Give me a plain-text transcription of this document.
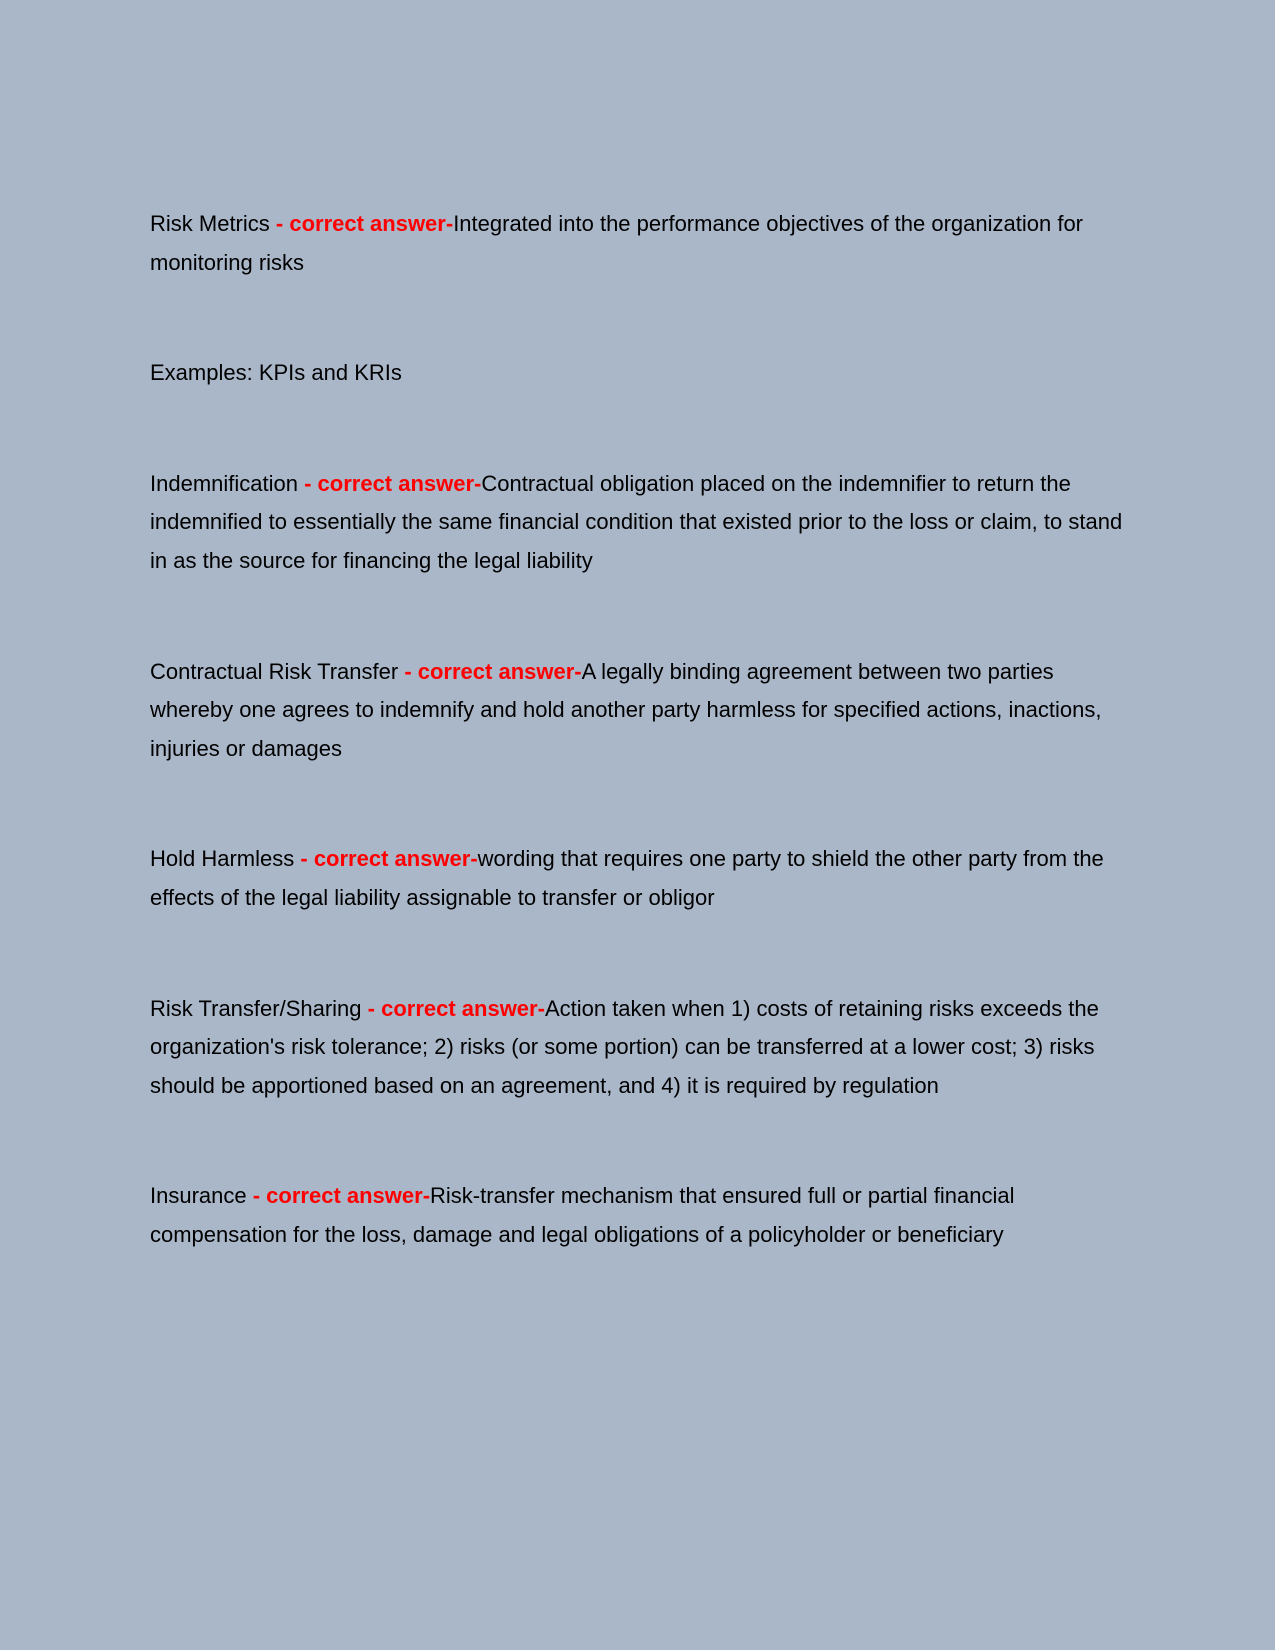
Risk Metrics - correct answer-Integrated into the performance objectives of the organization for monitoring risks

Examples: KPIs and KRIs

Indemnification - correct answer-Contractual obligation placed on the indemnifier to return the indemnified to essentially the same financial condition that existed prior to the loss or claim, to stand in as the source for financing the legal liability

Contractual Risk Transfer - correct answer-A legally binding agreement between two parties whereby one agrees to indemnify and hold another party harmless for specified actions, inactions, injuries or damages

Hold Harmless - correct answer-wording that requires one party to shield the other party from the effects of the legal liability assignable to transfer or obligor

Risk Transfer/Sharing - correct answer-Action taken when 1) costs of retaining risks exceeds the organization's risk tolerance; 2) risks (or some portion) can be transferred at a lower cost; 3) risks should be apportioned based on an agreement, and 4) it is required by regulation

Insurance - correct answer-Risk-transfer mechanism that ensured full or partial financial compensation for the loss, damage and legal obligations of a policyholder or beneficiary
